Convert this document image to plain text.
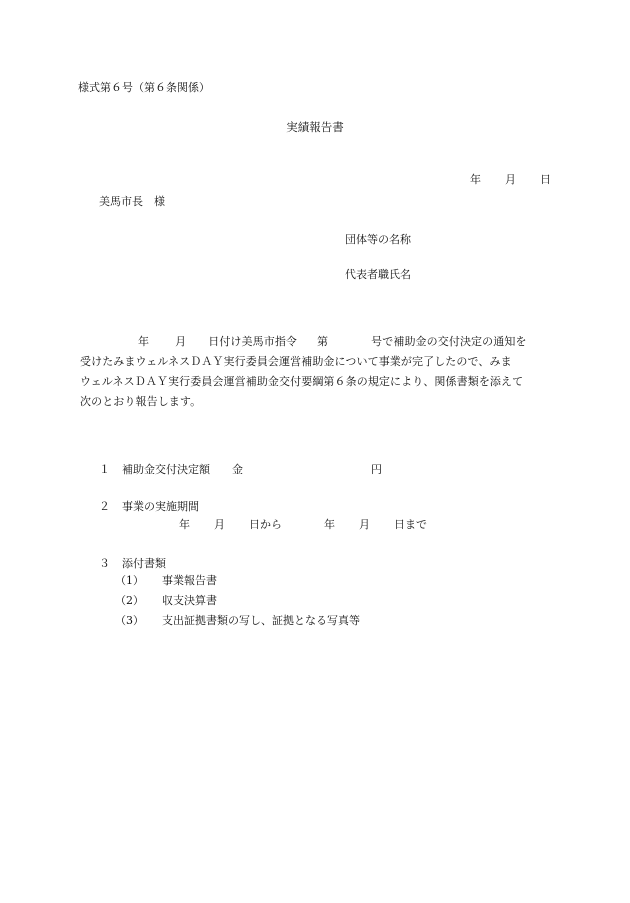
様式第６号（第６条関係）
実績報告書

年 月 日

美馬市長　様
団体等の名称
代表者職氏名
年 月 日付け美馬市指令 第	号で補助金の交付決定の通知を
受けたみまウェルネスＤＡＹ実行委員会運営補助金について事業が完了したので、みま
ウェルネスＤＡＹ実行委員会運営補助金交付要綱第６条の規定により、関係書類を添えて
次のとおり報告します。

１ 補助金交付決定額 金	円

２ 事業の実施期間

年 月 日から	年 月 日まで

３ 添付書類

（1） 事業報告書

（2） 収支決算書

（3） 支出証拠書類の写し、証拠となる写真等
